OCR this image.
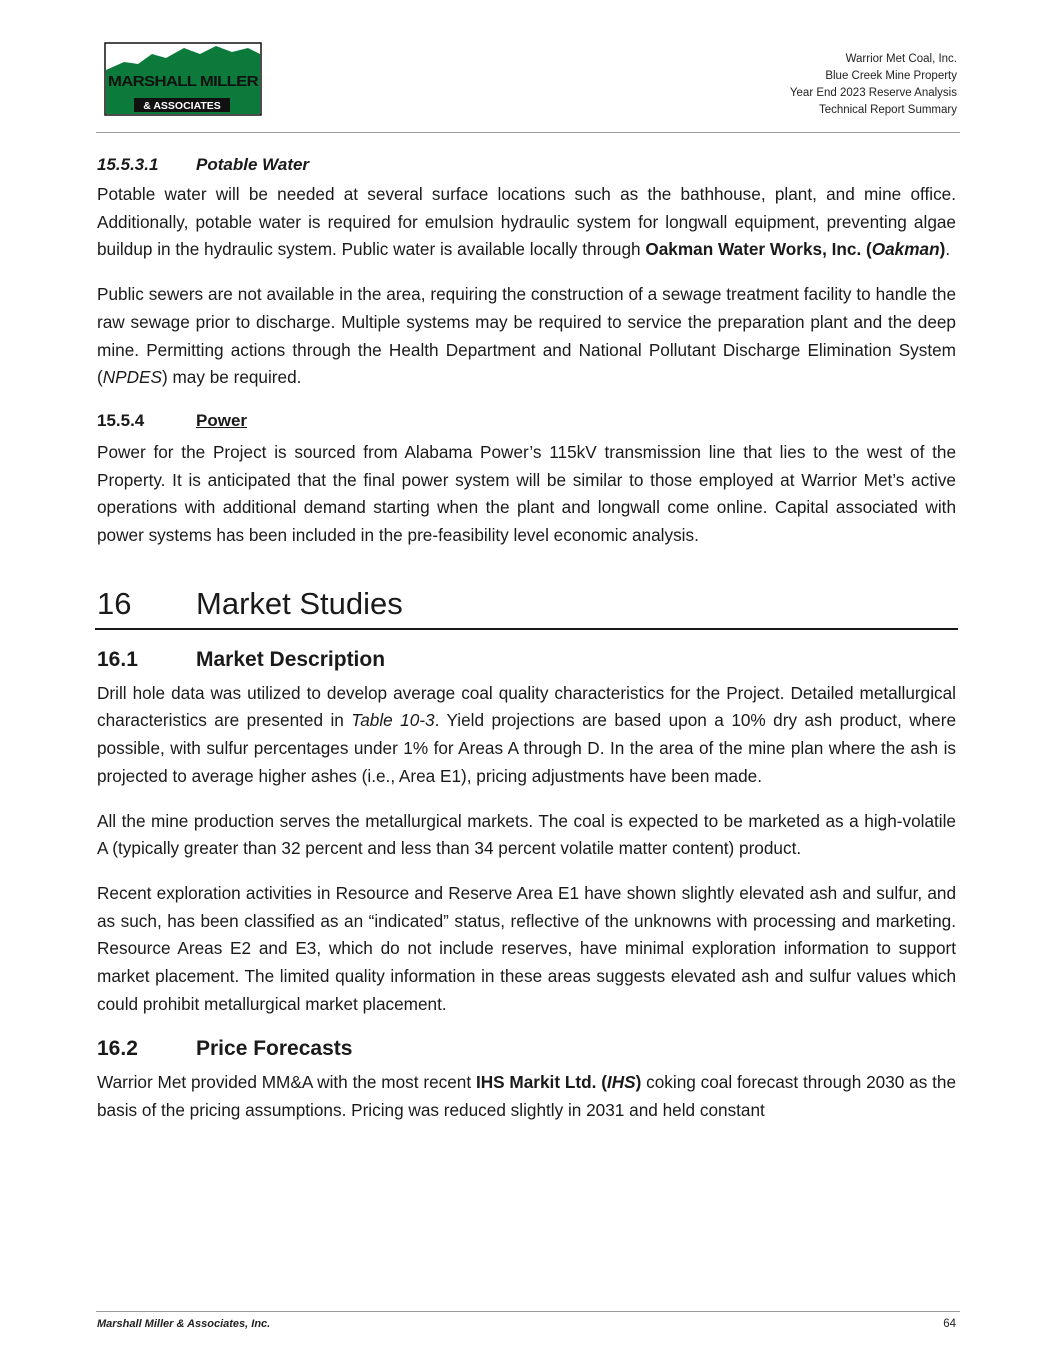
MARSHALL MILLER
& ASSOCIATES
Warrior Met Coal, Inc.
Blue Creek Mine Property
Year End 2023 Reserve Analysis
Technical Report Summary
15.5.3.1 Potable Water

Potable water will be needed at several surface locations such as the bathhouse, plant, and mine office. Additionally, potable water is required for emulsion hydraulic system for longwall equipment, preventing algae buildup in the hydraulic system. Public water is available locally through Oakman Water Works, Inc. (Oakman).

Public sewers are not available in the area, requiring the construction of a sewage treatment facility to handle the raw sewage prior to discharge. Multiple systems may be required to service the preparation plant and the deep mine. Permitting actions through the Health Department and National Pollutant Discharge Elimination System (NPDES) may be required.

15.5.4	Power

Power for the Project is sourced from Alabama Power’s 115kV transmission line that lies to the west of the Property. It is anticipated that the final power system will be similar to those employed at Warrior Met’s active operations with additional demand starting when the plant and longwall come online. Capital associated with power systems has been included in the pre-feasibility level economic analysis.

16 Market Studies
16.1	Market Description

Drill hole data was utilized to develop average coal quality characteristics for the Project. Detailed metallurgical characteristics are presented in Table 10-3. Yield projections are based upon a 10% dry ash product, where possible, with sulfur percentages under 1% for Areas A through D. In the area of the mine plan where the ash is projected to average higher ashes (i.e., Area E1), pricing adjustments have been made.

All the mine production serves the metallurgical markets. The coal is expected to be marketed as a high-volatile A (typically greater than 32 percent and less than 34 percent volatile matter content) product.

Recent exploration activities in Resource and Reserve Area E1 have shown slightly elevated ash and sulfur, and as such, has been classified as an “indicated” status, reflective of the unknowns with processing and marketing. Resource Areas E2 and E3, which do not include reserves, have minimal exploration information to support market placement. The limited quality information in these areas suggests elevated ash and sulfur values which could prohibit metallurgical market placement.

16.2	Price Forecasts

Warrior Met provided MM&A with the most recent IHS Markit Ltd. (IHS) coking coal forecast through 2030 as the basis of the pricing assumptions. Pricing was reduced slightly in 2031 and held constant

Marshall Miller & Associates, Inc.	64
